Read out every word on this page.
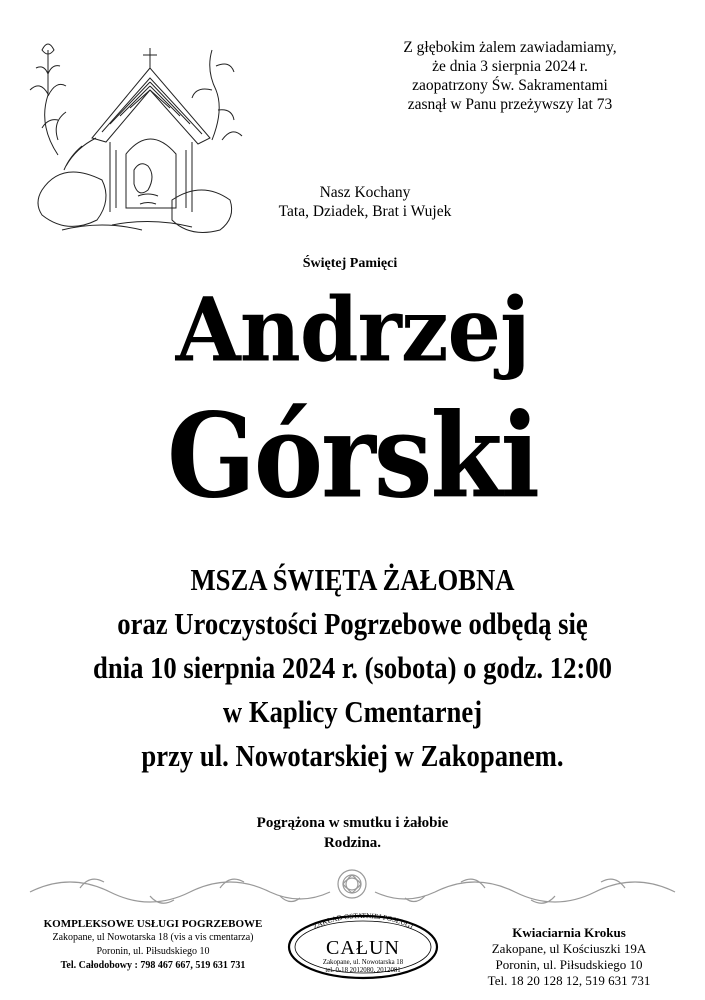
Z głębokim żalem zawiadamiamy,
że dnia 3 sierpnia 2024 r.
zaopatrzony Św. Sakramentami
zasnął w Panu przeżywszy lat 73
Nasz Kochany
Tata, Dziadek, Brat i Wujek
Świętej Pamięci
Andrzej
Górski
MSZA ŚWIĘTA ŻAŁOBNA
oraz Uroczystości Pogrzebowe odbędą się
dnia 10 sierpnia 2024 r. (sobota) o godz. 12:00
w Kaplicy Cmentarnej
przy ul. Nowotarskiej w Zakopanem.
Pogrążona w smutku i żałobie
Rodzina.
KOMPLEKSOWE USŁUGI POGRZEBOWE
Zakopane, ul Nowotarska 18 (vis a vis cmentarza)
Poronin, ul. Piłsudskiego 10
Tel. Całodobowy : 798 467 667, 519 631 731
ZAKŁAD OSTATNIEJ POSŁUGI
CAŁUN
Zakopane, ul. Nowotarska 18
tel. 0-18 2012080, 2012081
Kwiaciarnia Krokus
Zakopane, ul Kościuszki 19A
Poronin, ul. Piłsudskiego 10
Tel. 18 20 128 12, 519 631 731
